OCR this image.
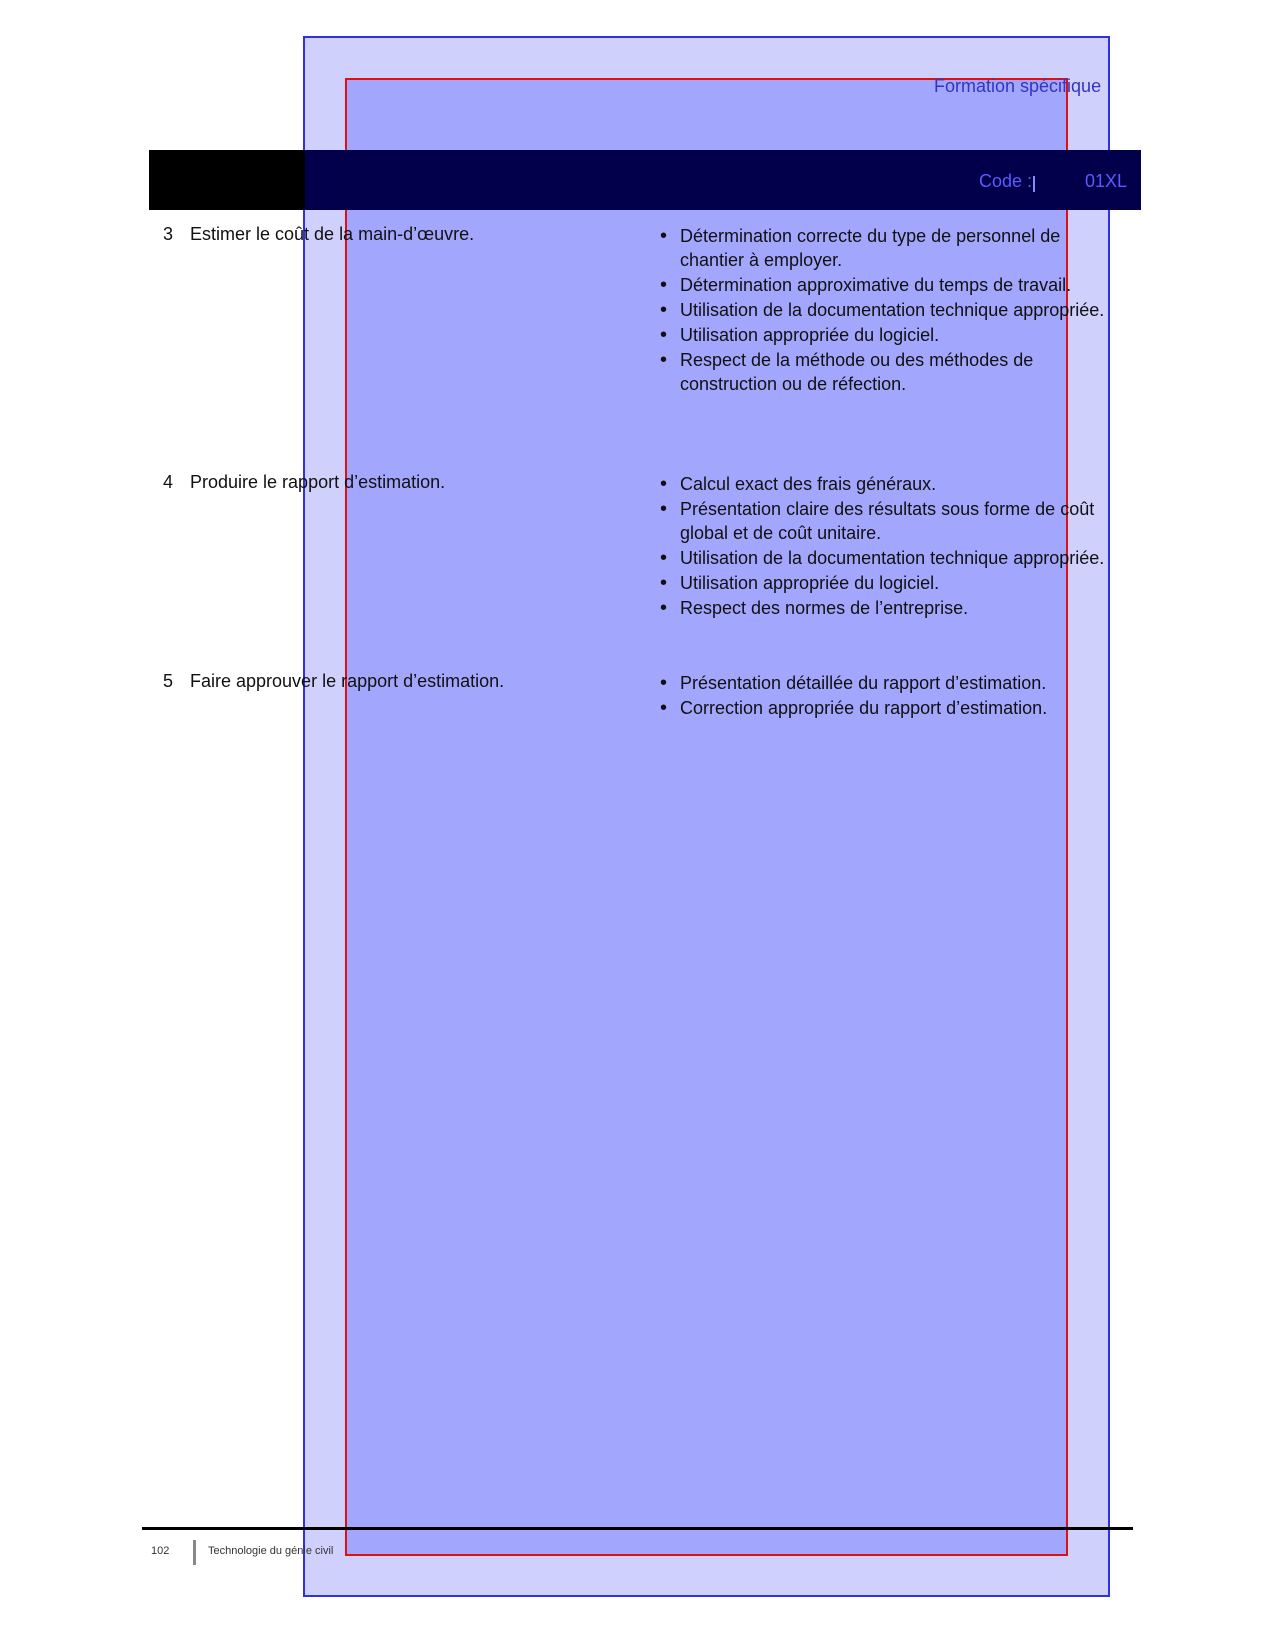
Formation spécifique
Code :	01XL
3 Estimer le coût de la main-d’œuvre.	• Détermination correcte du type de personnel de chantier à employer.
• Détermination approximative du temps de travail.
• Utilisation de la documentation technique appropriée.
• Utilisation appropriée du logiciel.
• Respect de la méthode ou des méthodes de construction ou de réfection.
4 Produire le rapport d’estimation.	• Calcul exact des frais généraux.
• Présentation claire des résultats sous forme de coût global et de coût unitaire.
• Utilisation de la documentation technique appropriée.
• Utilisation appropriée du logiciel.
• Respect des normes de l’entreprise.
5 Faire approuver le rapport d’estimation.	• Présentation détaillée du rapport d’estimation.
• Correction appropriée du rapport d’estimation.
102	Technologie du génie civil
